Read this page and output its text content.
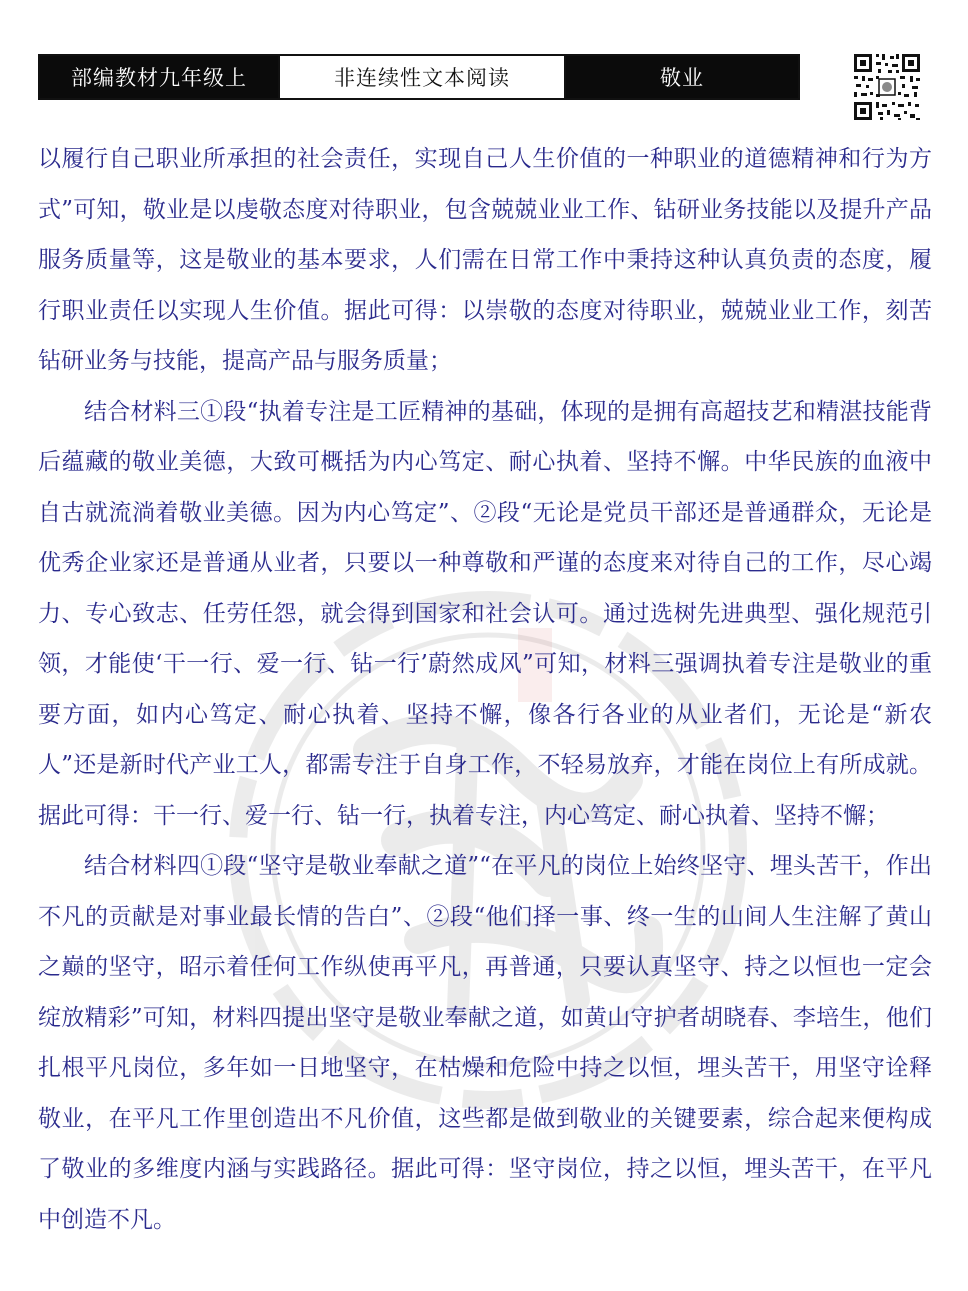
部编教材九年级上	非连续性文本阅读	敬业

以履行自己职业所承担的社会责任，实现自己人生价值的一种职业的道德精神和行为方式”可知，敬业是以虔敬态度对待职业，包含兢兢业业工作、钻研业务技能以及提升产品服务质量等，这是敬业的基本要求，人们需在日常工作中秉持这种认真负责的态度，履行职业责任以实现人生价值。据此可得：以崇敬的态度对待职业，兢兢业业工作，刻苦钻研业务与技能，提高产品与服务质量；

结合材料三①段“执着专注是工匠精神的基础，体现的是拥有高超技艺和精湛技能背后蕴藏的敬业美德，大致可概括为内心笃定、耐心执着、坚持不懈。中华民族的血液中自古就流淌着敬业美德。因为内心笃定”、②段“无论是党员干部还是普通群众，无论是优秀企业家还是普通从业者，只要以一种尊敬和严谨的态度来对待自己的工作，尽心竭力、专心致志、任劳任怨，就会得到国家和社会认可。通过选树先进典型、强化规范引领，才能使‘干一行、爱一行、钻一行’蔚然成风”可知，材料三强调执着专注是敬业的重要方面，如内心笃定、耐心执着、坚持不懈，像各行各业的从业者们，无论是“新农人”还是新时代产业工人，都需专注于自身工作，不轻易放弃，才能在岗位上有所成就。据此可得：干一行、爱一行、钻一行，执着专注，内心笃定、耐心执着、坚持不懈；

结合材料四①段“坚守是敬业奉献之道”“在平凡的岗位上始终坚守、埋头苦干，作出不凡的贡献是对事业最长情的告白”、②段“他们择一事、终一生的山间人生注解了黄山之巅的坚守，昭示着任何工作纵使再平凡，再普通，只要认真坚守、持之以恒也一定会绽放精彩”可知，材料四提出坚守是敬业奉献之道，如黄山守护者胡晓春、李培生，他们扎根平凡岗位，多年如一日地坚守，在枯燥和危险中持之以恒，埋头苦干，用坚守诠释敬业，在平凡工作里创造出不凡价值，这些都是做到敬业的关键要素，综合起来便构成了敬业的多维度内涵与实践路径。据此可得：坚守岗位，持之以恒，埋头苦干，在平凡中创造不凡。
